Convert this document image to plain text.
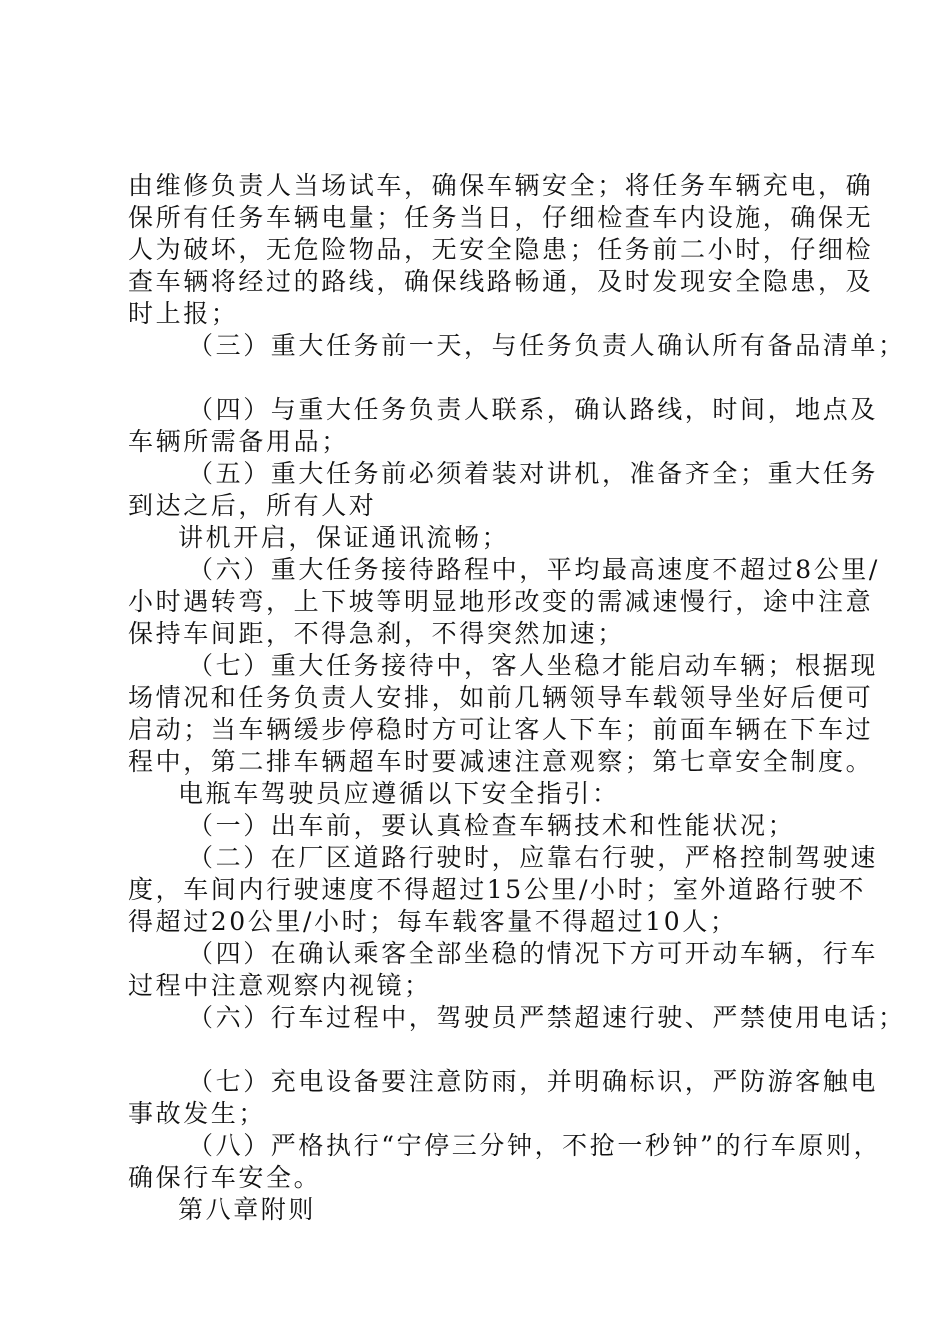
由维修负责人当场试车，确保车辆安全；将任务车辆充电，确
保所有任务车辆电量；任务当日，仔细检查车内设施，确保无
人为破坏，无危险物品，无安全隐患；任务前二小时，仔细检
查车辆将经过的路线，确保线路畅通，及时发现安全隐患，及
时上报；
（三）重大任务前一天，与任务负责人确认所有备品清单；
（四）与重大任务负责人联系，确认路线，时间，地点及
车辆所需备用品；
（五）重大任务前必须着装对讲机，准备齐全；重大任务
到达之后，所有人对
讲机开启，保证通讯流畅；
（六）重大任务接待路程中，平均最高速度不超过8公里/
小时遇转弯，上下坡等明显地形改变的需减速慢行，途中注意
保持车间距，不得急刹，不得突然加速；
（七）重大任务接待中，客人坐稳才能启动车辆；根据现
场情况和任务负责人安排，如前几辆领导车载领导坐好后便可
启动；当车辆缓步停稳时方可让客人下车；前面车辆在下车过
程中，第二排车辆超车时要减速注意观察；第七章安全制度。
电瓶车驾驶员应遵循以下安全指引：
（一）出车前，要认真检查车辆技术和性能状况；
（二）在厂区道路行驶时，应靠右行驶，严格控制驾驶速
度，车间内行驶速度不得超过15公里/小时；室外道路行驶不
得超过20公里/小时；每车载客量不得超过10人；
（四）在确认乘客全部坐稳的情况下方可开动车辆，行车
过程中注意观察内视镜；
（六）行车过程中，驾驶员严禁超速行驶、严禁使用电话；
（七）充电设备要注意防雨，并明确标识，严防游客触电
事故发生；
（八）严格执行“宁停三分钟，不抢一秒钟”的行车原则，
确保行车安全。
第八章附则
